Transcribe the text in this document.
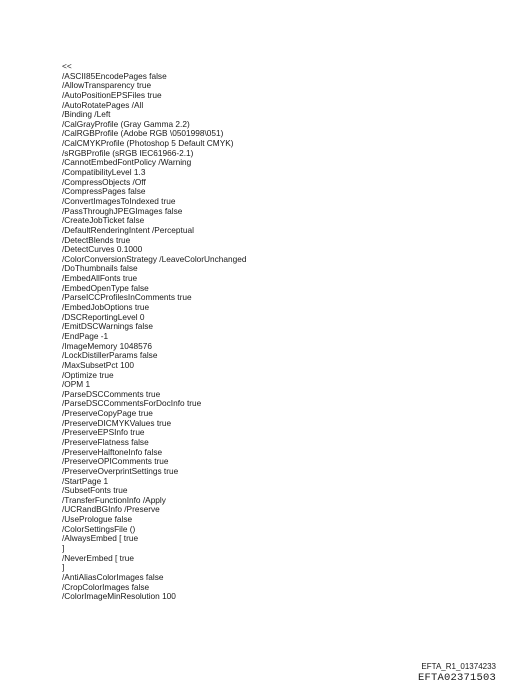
<<
/ASCII85EncodePages false
/AllowTransparency true
/AutoPositionEPSFiles true
/AutoRotatePages /All
/Binding /Left
/CalGrayProfile (Gray Gamma 2.2)
/CalRGBProfile (Adobe RGB \0501998\051)
/CalCMYKProfile (Photoshop 5 Default CMYK)
/sRGBProfile (sRGB IEC61966-2.1)
/CannotEmbedFontPolicy /Warning
/CompatibilityLevel 1.3
/CompressObjects /Off
/CompressPages false
/ConvertImagesToIndexed true
/PassThroughJPEGImages false
/CreateJobTicket false
/DefaultRenderingIntent /Perceptual
/DetectBlends true
/DetectCurves 0.1000
/ColorConversionStrategy /LeaveColorUnchanged
/DoThumbnails false
/EmbedAllFonts true
/EmbedOpenType false
/ParseICCProfilesInComments true
/EmbedJobOptions true
/DSCReportingLevel 0
/EmitDSCWarnings false
/EndPage -1
/ImageMemory 1048576
/LockDistillerParams false
/MaxSubsetPct 100
/Optimize true
/OPM 1
/ParseDSCComments true
/ParseDSCCommentsForDocInfo true
/PreserveCopyPage true
/PreserveDICMYKValues true
/PreserveEPSInfo true
/PreserveFlatness false
/PreserveHalftoneInfo false
/PreserveOPIComments true
/PreserveOverprintSettings true
/StartPage 1
/SubsetFonts true
/TransferFunctionInfo /Apply
/UCRandBGInfo /Preserve
/UsePrologue false
/ColorSettingsFile ()
/AlwaysEmbed [ true
]
/NeverEmbed [ true
]
/AntiAliasColorImages false
/CropColorImages false
/ColorImageMinResolution 100
EFTA_R1_01374233
EFTA02371503
